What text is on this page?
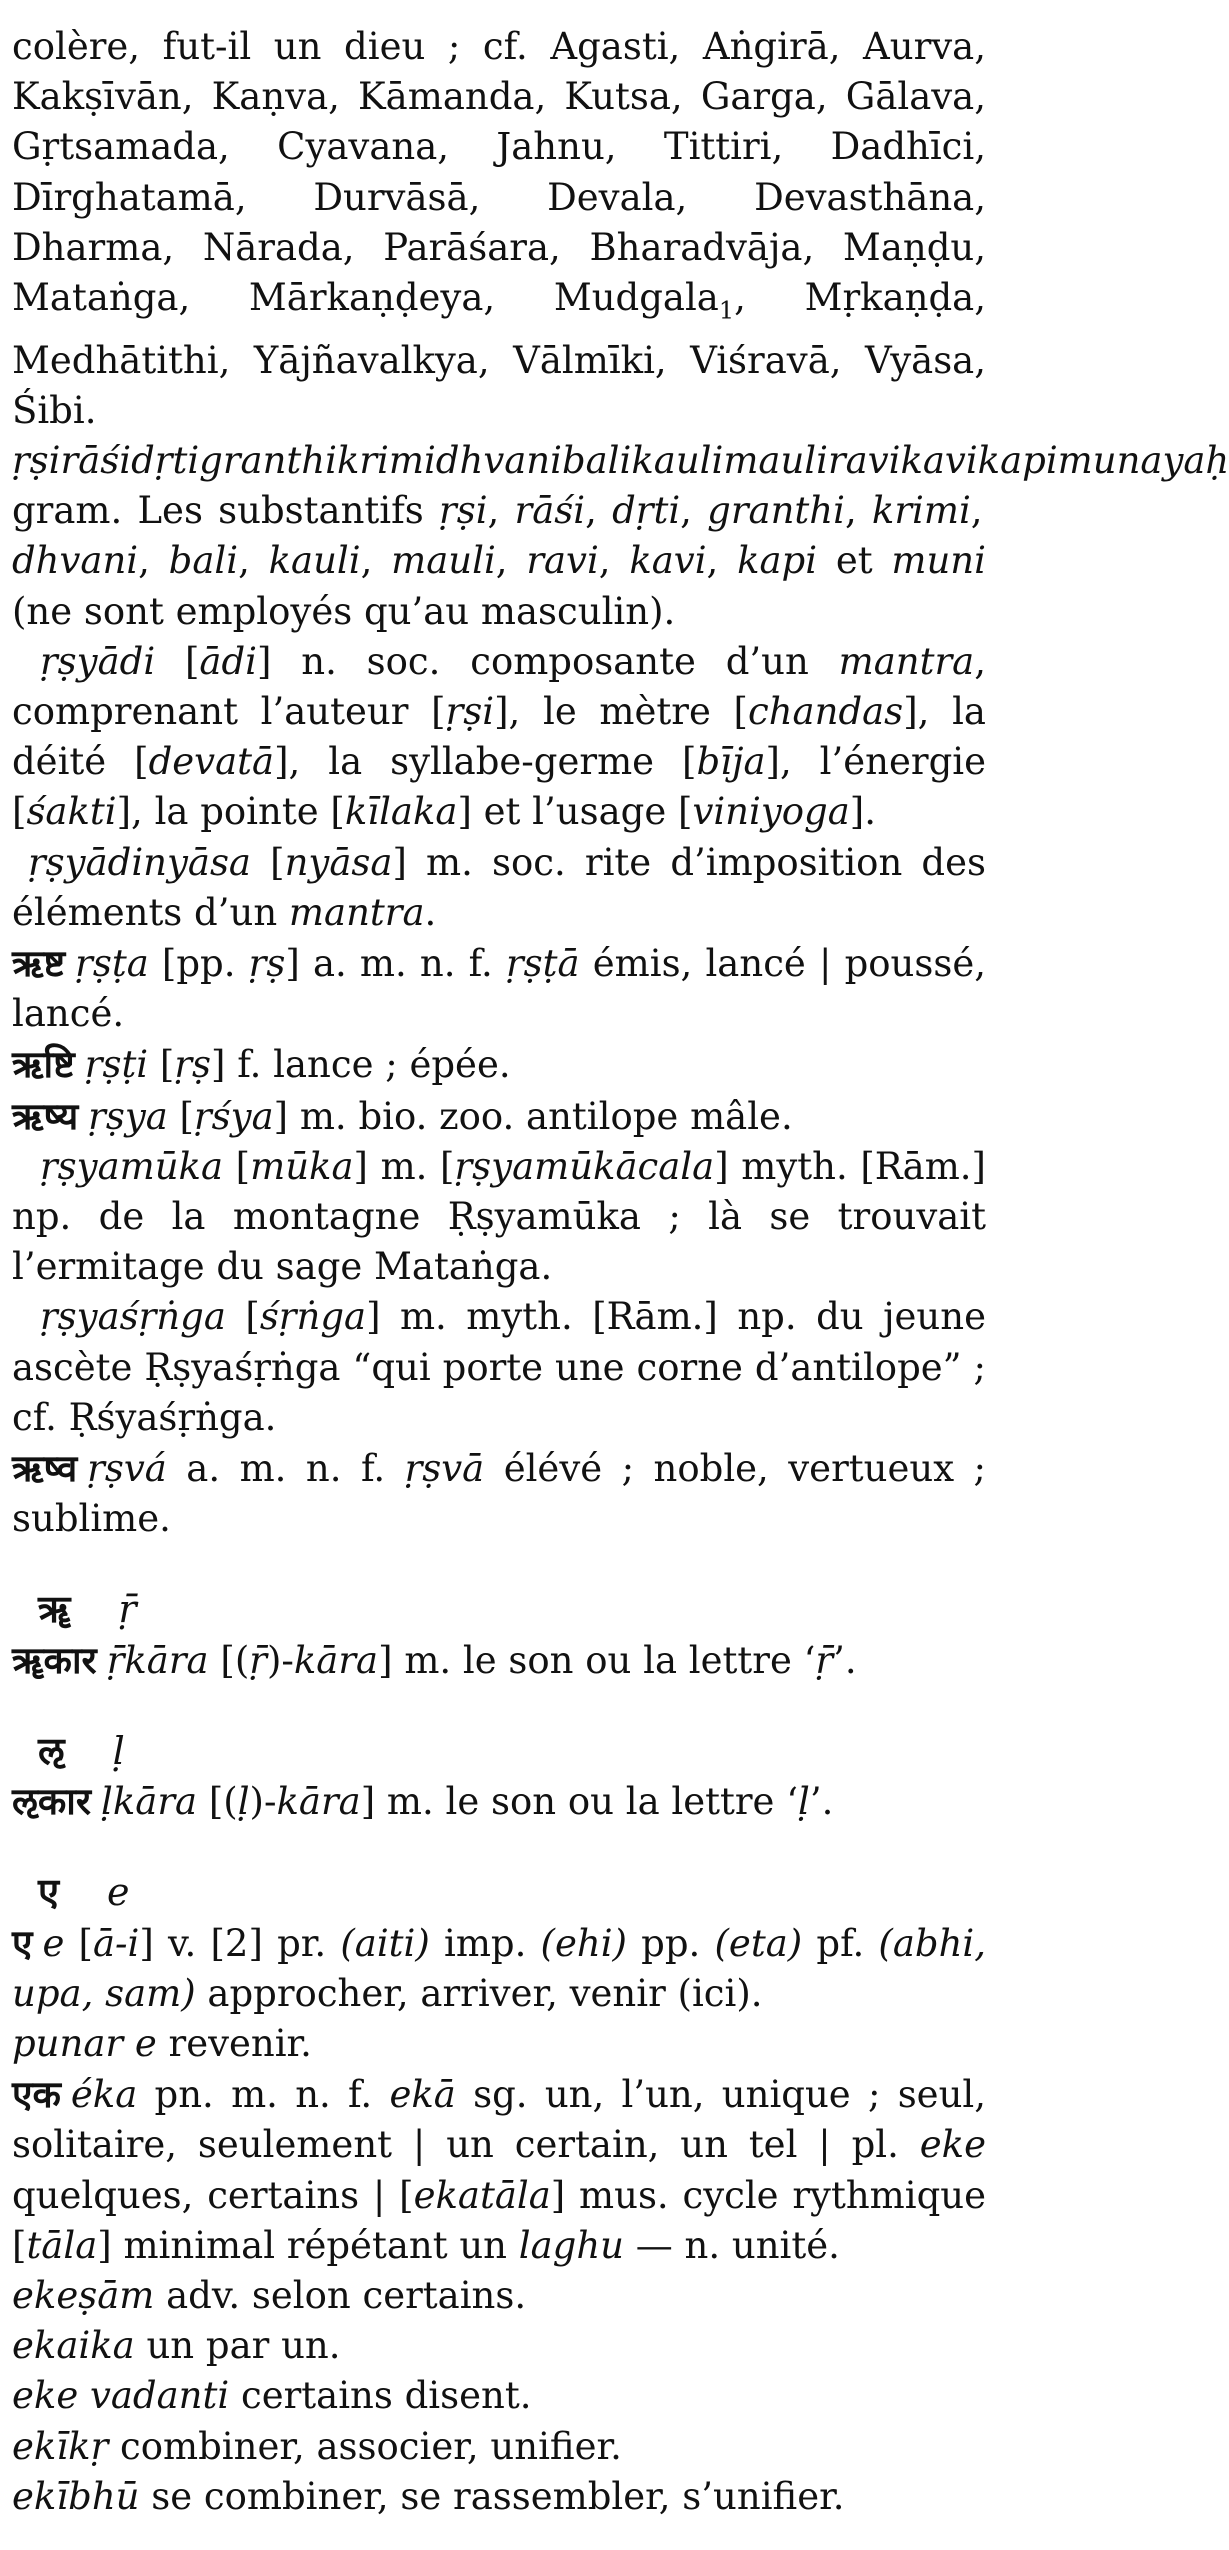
colère, fut-il un dieu ; cf. Agasti, Aṅgirā, Aurva, Kakṣīvān, Kaṇva, Kāmanda, Kutsa, Garga, Gālava, Gṛtsamada, Cyavana, Jahnu, Tittiri, Dadhīci, Dīrghatamā, Durvāsā, Devala, Devasthāna, Dharma, Nārada, Parāśara, Bharadvāja, Maṇḍu, Mataṅga, Mārkaṇḍeya, Mudgala$_1$, Mṛkaṇḍa, Medhātithi, Yājñavalkya, Vālmīki, Viśravā, Vyāsa, Śibi.

ṛṣirāśidṛtigranthikrimidhvanibalikaulimauliravikavikapimunayaḥ gram. Les substantifs ṛṣi, rāśi, dṛti, granthi, krimi, dhvani, bali, kauli, mauli, ravi, kavi, kapi et muni (ne sont employés qu’au masculin).

ṛṣyādi [ādi] n. soc. composante d’un mantra, comprenant l’auteur [ṛṣi], le mètre [chandas], la déité [devatā], la syllabe-germe [bīja], l’énergie [śakti], la pointe [kīlaka] et l’usage [viniyoga].

ṛṣyādinyāsa [nyāsa] m. soc. rite d’imposition des éléments d’un mantra.

ऋष्ट ṛṣṭa [pp. ṛṣ] a. m. n. f. ṛṣṭā émis, lancé | poussé, lancé.

ऋष्टि ṛṣṭi [ṛṣ] f. lance ; épée.

ऋष्य ṛṣya [ṛśya] m. bio. zoo. antilope mâle.

ṛṣyamūka [mūka] m. [ṛṣyamūkācala] myth. [Rām.] np. de la montagne Ṛṣyamūka ; là se trouvait l’ermitage du sage Mataṅga.

ṛṣyaśṛṅga [śṛṅga] m. myth. [Rām.] np. du jeune ascète Ṛṣyaśṛṅga “qui porte une corne d’antilope” ; cf. Ṛśyaśṛṅga.

ऋष्व ṛṣvá a. m. n. f. ṛṣvā élévé ; noble, vertueux ; sublime.

ॠ ṝ

ॠकार ṝkāra [(ṝ)-kāra] m. le son ou la lettre ‘ṝ’.

ऌ ḷ

ऌकार ḷkāra [(ḷ)-kāra] m. le son ou la lettre ‘ḷ’.

ए e

ए e [ā-i] v. [2] pr. (aiti) imp. (ehi) pp. (eta) pf. (abhi, upa, sam) approcher, arriver, venir (ici).

punar e revenir.

एक éka pn. m. n. f. ekā sg. un, l’un, unique ; seul, solitaire, seulement | un certain, un tel | pl. eke quelques, certains | [ekatāla] mus. cycle rythmique [tāla] minimal répétant un laghu — n. unité.

ekeṣām adv. selon certains.

ekaika un par un.

eke vadanti certains disent.

ekīkṛ combiner, associer, unifier.

ekībhū se combiner, se rassembler, s’unifier.
